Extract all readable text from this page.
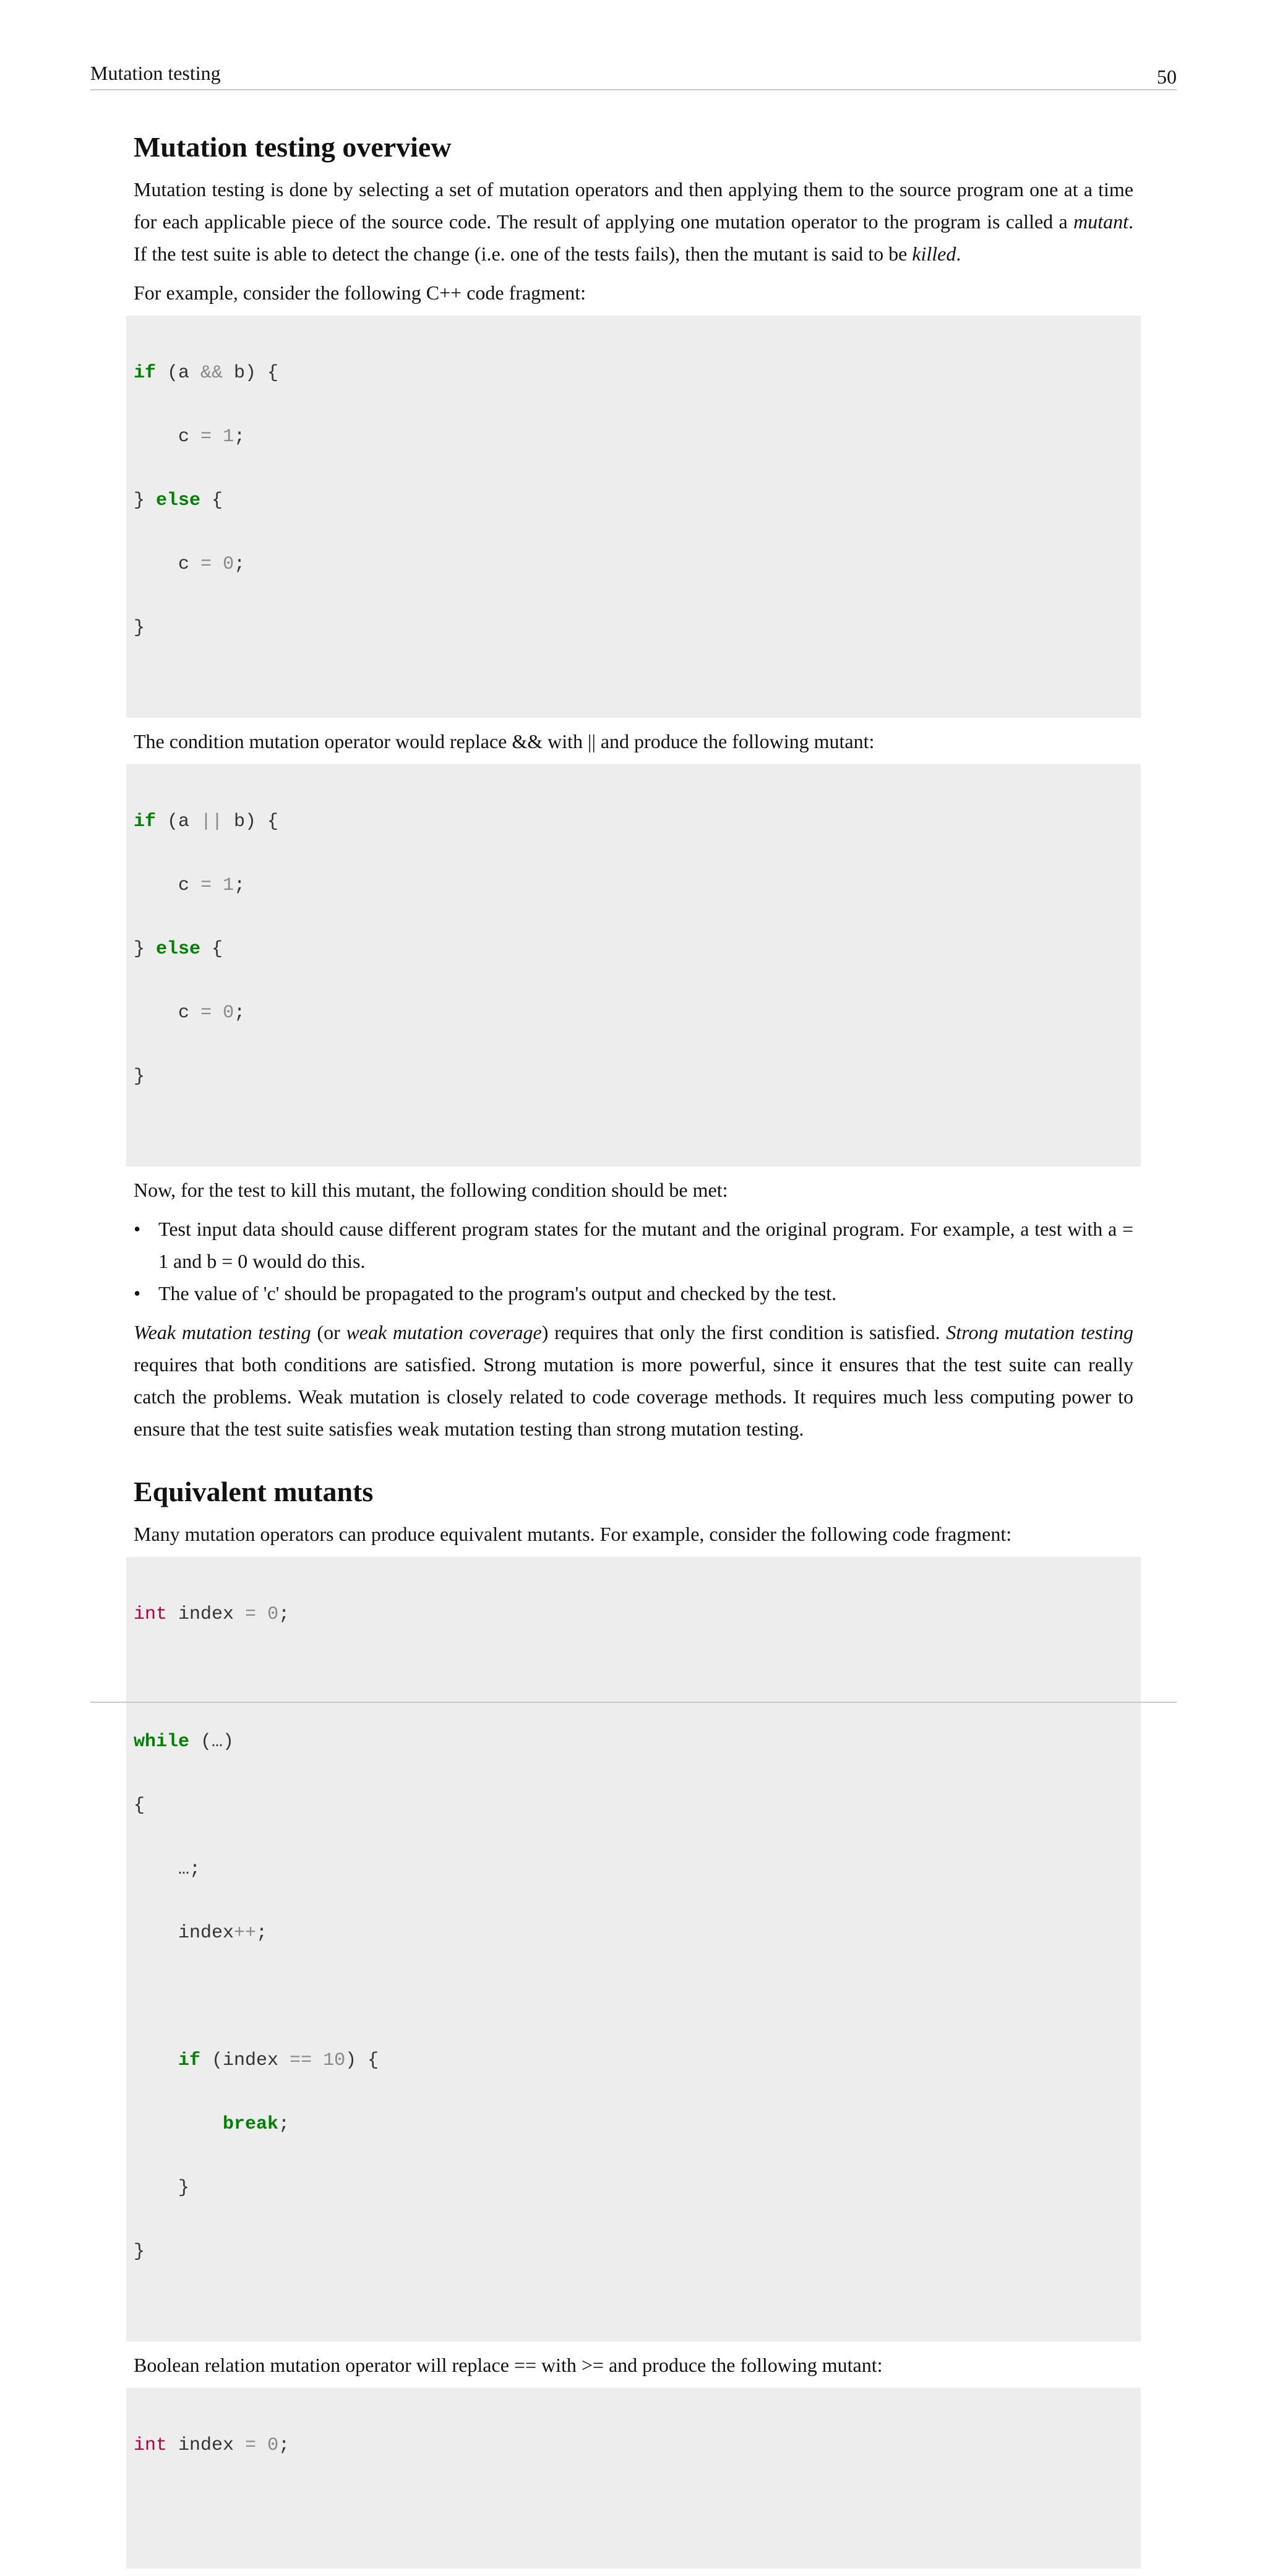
Mutation testing	50
Mutation testing overview

Mutation testing is done by selecting a set of mutation operators and then applying them to the source program one at a time for each applicable piece of the source code. The result of applying one mutation operator to the program is called a mutant. If the test suite is able to detect the change (i.e. one of the tests fails), then the mutant is said to be killed.

For example, consider the following C++ code fragment:

if (a && b) {

c = 1;

} else {

c = 0;

}

The condition mutation operator would replace && with || and produce the following mutant:

if (a || b) {

c = 1;

} else {

c = 0;

}

Now, for the test to kill this mutant, the following condition should be met:

• Test input data should cause different program states for the mutant and the original program. For example, a test with a = 1 and b = 0 would do this.
• The value of 'c' should be propagated to the program's output and checked by the test.

Weak mutation testing (or weak mutation coverage) requires that only the first condition is satisfied. Strong mutation testing requires that both conditions are satisfied. Strong mutation is more powerful, since it ensures that the test suite can really catch the problems. Weak mutation is closely related to code coverage methods. It requires much less computing power to ensure that the test suite satisfies weak mutation testing than strong mutation testing.

Equivalent mutants

Many mutation operators can produce equivalent mutants. For example, consider the following code fragment:

int index = 0;

while (…)

{

…;

index++;

if (index == 10) {

break;

}

}

Boolean relation mutation operator will replace == with >= and produce the following mutant:

int index = 0;
